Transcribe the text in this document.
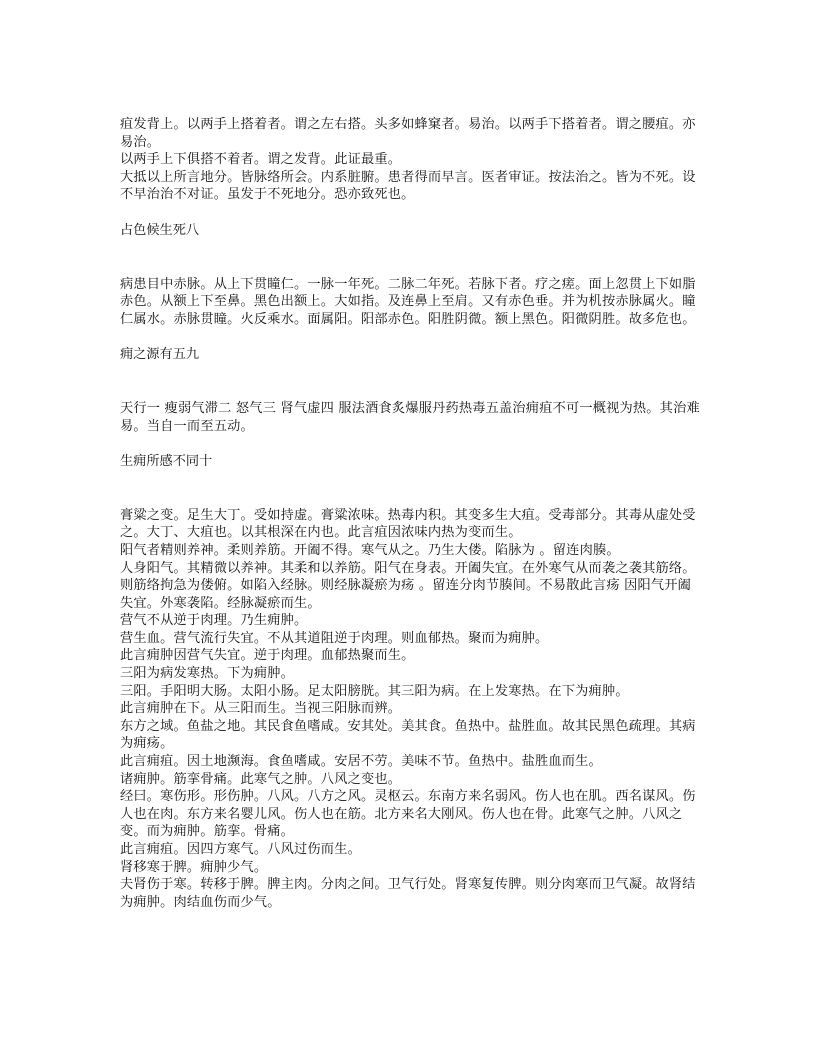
疽发背上。以两手上搭着者。谓之左右搭。头多如蜂窠者。易治。以两手下搭着者。谓之腰疽。亦易治。

以两手上下俱搭不着者。谓之发背。此证最重。

大抵以上所言地分。皆脉络所会。内系脏腑。患者得而早言。医者审证。按法治之。皆为不死。设不早治治不对证。虽发于不死地分。恐亦致死也。

占色候生死八

病患目中赤脉。从上下贯瞳仁。一脉一年死。二脉二年死。若脉下者。疗之瘥。面上忽贯上下如脂赤色。从额上下至鼻。黑色出额上。大如指。及连鼻上至肩。又有赤色垂。并为机按赤脉属火。瞳仁属水。赤脉贯瞳。火反乘水。面属阳。阳部赤色。阳胜阴微。额上黑色。阳微阴胜。故多危也。

痈之源有五九

天行一 瘦弱气滞二 怒气三 肾气虚四 服法酒食炙爆服丹药热毒五盖治痈疽不可一概视为热。其治难易。当自一而至五动。

生痈所感不同十

膏粱之变。足生大丁。受如持虚。膏粱浓味。热毒内积。其变多生大疽。受毒部分。其毒从虚处受之。大丁、大疽也。以其根深在内也。此言疽因浓味内热为变而生。

阳气者精则养神。柔则养筋。开阖不得。寒气从之。乃生大偻。陷脉为 。留连肉腠。

人身阳气。其精微以养神。其柔和以养筋。阳气在身表。开阖失宜。在外寒气从而袭之袭其筋络。则筋络拘急为偻俯。如陷入经脉。则经脉凝瘀为疡 。留连分肉节腠间。不易散此言疡 因阳气开阖失宜。外寒袭陷。经脉凝瘀而生。

营气不从逆于肉理。乃生痈肿。

营生血。营气流行失宜。不从其道阻逆于肉理。则血郁热。聚而为痈肿。

此言痈肿因营气失宜。逆于肉理。血郁热聚而生。

三阳为病发寒热。下为痈肿。

三阳。手阳明大肠。太阳小肠。足太阳膀胱。其三阳为病。在上发寒热。在下为痈肿。

此言痈肿在下。从三阳而生。当视三阳脉而辨。

东方之域。鱼盐之地。其民食鱼嗜咸。安其处。美其食。鱼热中。盐胜血。故其民黑色疏理。其病为痈疡。

此言痈疽。因土地濒海。食鱼嗜咸。安居不劳。美味不节。鱼热中。盐胜血而生。

诸痈肿。筋挛骨痛。此寒气之肿。八风之变也。

经曰。寒伤形。形伤肿。八风。八方之风。灵枢云。东南方来名弱风。伤人也在肌。西名谋风。伤人也在肉。东方来名婴儿风。伤人也在筋。北方来名大刚风。伤人也在骨。此寒气之肿。八风之变。而为痈肿。筋挛。骨痛。

此言痈疽。因四方寒气。八风过伤而生。

肾移寒于脾。痈肿少气。

夫肾伤于寒。转移于脾。脾主肉。分肉之间。卫气行处。肾寒复传脾。则分肉寒而卫气凝。故肾结为痈肿。肉结血伤而少气。
